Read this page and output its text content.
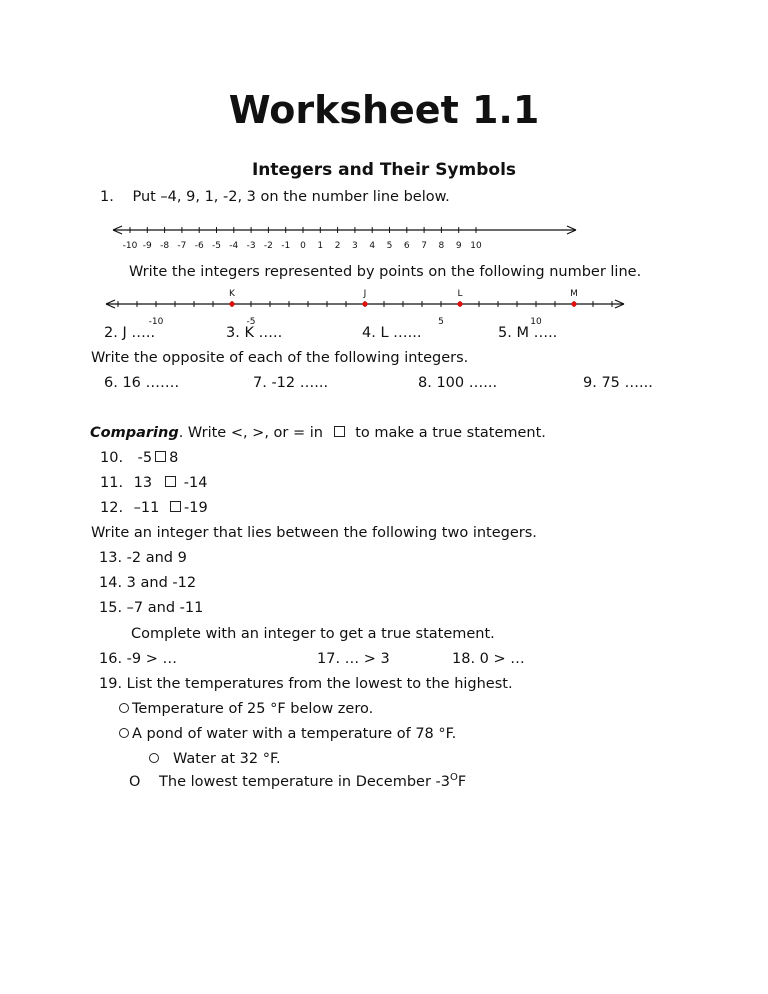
Worksheet 1.1
Integers and Their Symbols
1. Put –4, 9, 1, -2, 3 on the number line below.
-10 -9 -8 -7 -6 -5 -4 -3 -2 -1 0 1 2 3 4 5 6 7 8 9 10
Write the integers represented by points on the following number line.
-10	-5	5	10
K	J	L	M
2. J …..	3. K …..	4. L …...	5. M …..
Write the opposite of each of the following integers.
6. 16 …….	7. -12 …...	8. 100 …...	9. 75 …...
Comparing. Write <, >, or = in to make a true statement.
10. -5 8
11. 13 -14
12. –11 -19
Write an integer that lies between the following two integers.
13. -2 and 9
14. 3 and -12
15. –7 and -11
Complete with an integer to get a true statement.
16. -9 > …	17. … > 3	18. 0 > …
19. List the temperatures from the lowest to the highest.
Temperature of 25 °F below zero.
A pond of water with a temperature of 78 °F.
Water at 32 °F.
O The lowest temperature in December $-3^OF$
